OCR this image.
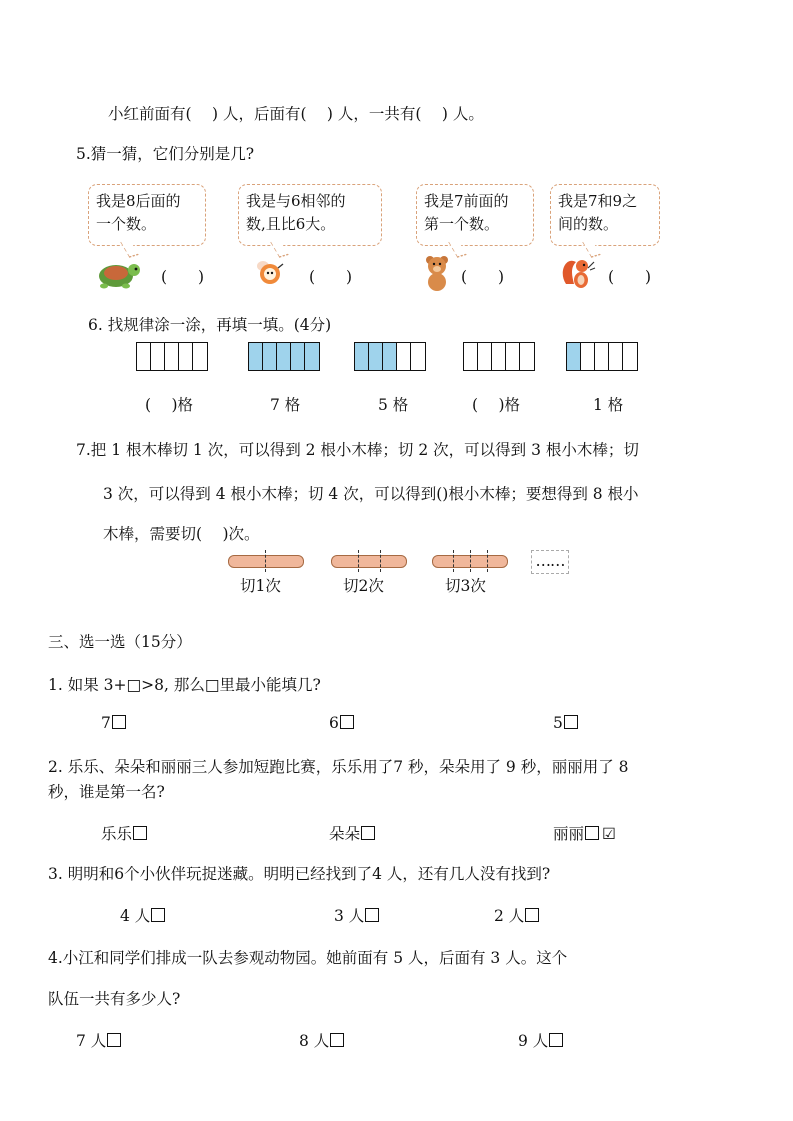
小红前面有(　 ) 人，后面有(　 ) 人，一共有(　 ) 人。
5.猜一猜，它们分别是几?
我是8后面的
一个数。
我是与6相邻的
数,且比6大。
我是7前面的
第一个数。
我是7和9之
间的数。
(　　)	(　　)	(　　)	(　　)
6. 找规律涂一涂，再填一填。(4分)
(　 )格	7 格	5 格	(　 )格	1 格
7.把 1 根木棒切 1 次，可以得到 2 根小木棒；切 2 次，可以得到 3 根小木棒；切
3 次，可以得到 4 根小木棒；切 4 次，可以得到()根小木棒；要想得到 8 根小
木棒，需要切(　 )次。
……
切1次	切2次	切3次
三、选一选（15分）
1. 如果 3+□>8, 那么□里最小能填几?
7	6	5
2. 乐乐、朵朵和丽丽三人参加短跑比赛，乐乐用了7 秒，朵朵用了 9 秒，丽丽用了 8
秒，谁是第一名?
乐乐	朵朵	丽丽 ☑
3. 明明和6个小伙伴玩捉迷藏。明明已经找到了4 人，还有几人没有找到?
4 人	3 人	2 人
4.小江和同学们排成一队去参观动物园。她前面有 5 人，后面有 3 人。这个
队伍一共有多少人?
7 人	8 人	9 人
